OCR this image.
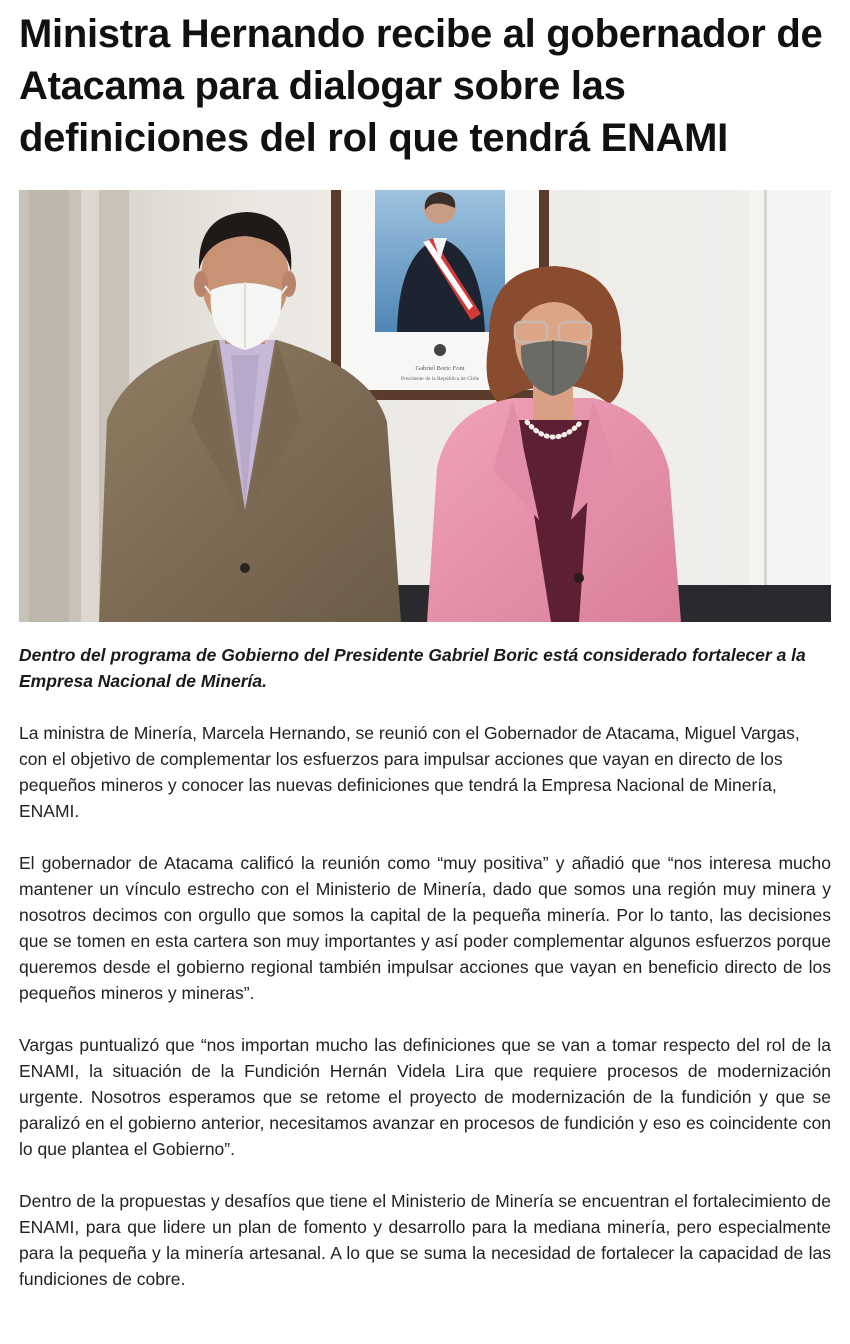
Ministra Hernando recibe al gobernador de Atacama para dialogar sobre las definiciones del rol que tendrá ENAMI
Gabriel Boric Font
Presidente de la República de Chile

Dentro del programa de Gobierno del Presidente Gabriel Boric está considerado fortalecer a la Empresa Nacional de Minería.

La ministra de Minería, Marcela Hernando, se reunió con el Gobernador de Atacama, Miguel Vargas, con el objetivo de complementar los esfuerzos para impulsar acciones que vayan en directo de los pequeños mineros y conocer las nuevas definiciones que tendrá la Empresa Nacional de Minería, ENAMI.

El gobernador de Atacama calificó la reunión como “muy positiva” y añadió que “nos interesa mucho mantener un vínculo estrecho con el Ministerio de Minería, dado que somos una región muy minera y nosotros decimos con orgullo que somos la capital de la pequeña minería. Por lo tanto, las decisiones que se tomen en esta cartera son muy importantes y así poder complementar algunos esfuerzos porque queremos desde el gobierno regional también impulsar acciones que vayan en beneficio directo de los pequeños mineros y mineras”.

Vargas puntualizó que “nos importan mucho las definiciones que se van a tomar respecto del rol de la ENAMI, la situación de la Fundición Hernán Videla Lira que requiere procesos de modernización urgente. Nosotros esperamos que se retome el proyecto de modernización de la fundición y que se paralizó en el gobierno anterior, necesitamos avanzar en procesos de fundición y eso es coincidente con lo que plantea el Gobierno”.

Dentro de la propuestas y desafíos que tiene el Ministerio de Minería se encuentran el fortalecimiento de ENAMI, para que lidere un plan de fomento y desarrollo para la mediana minería, pero especialmente para la pequeña y la minería artesanal. A lo que se suma la necesidad de fortalecer la capacidad de las fundiciones de cobre.
